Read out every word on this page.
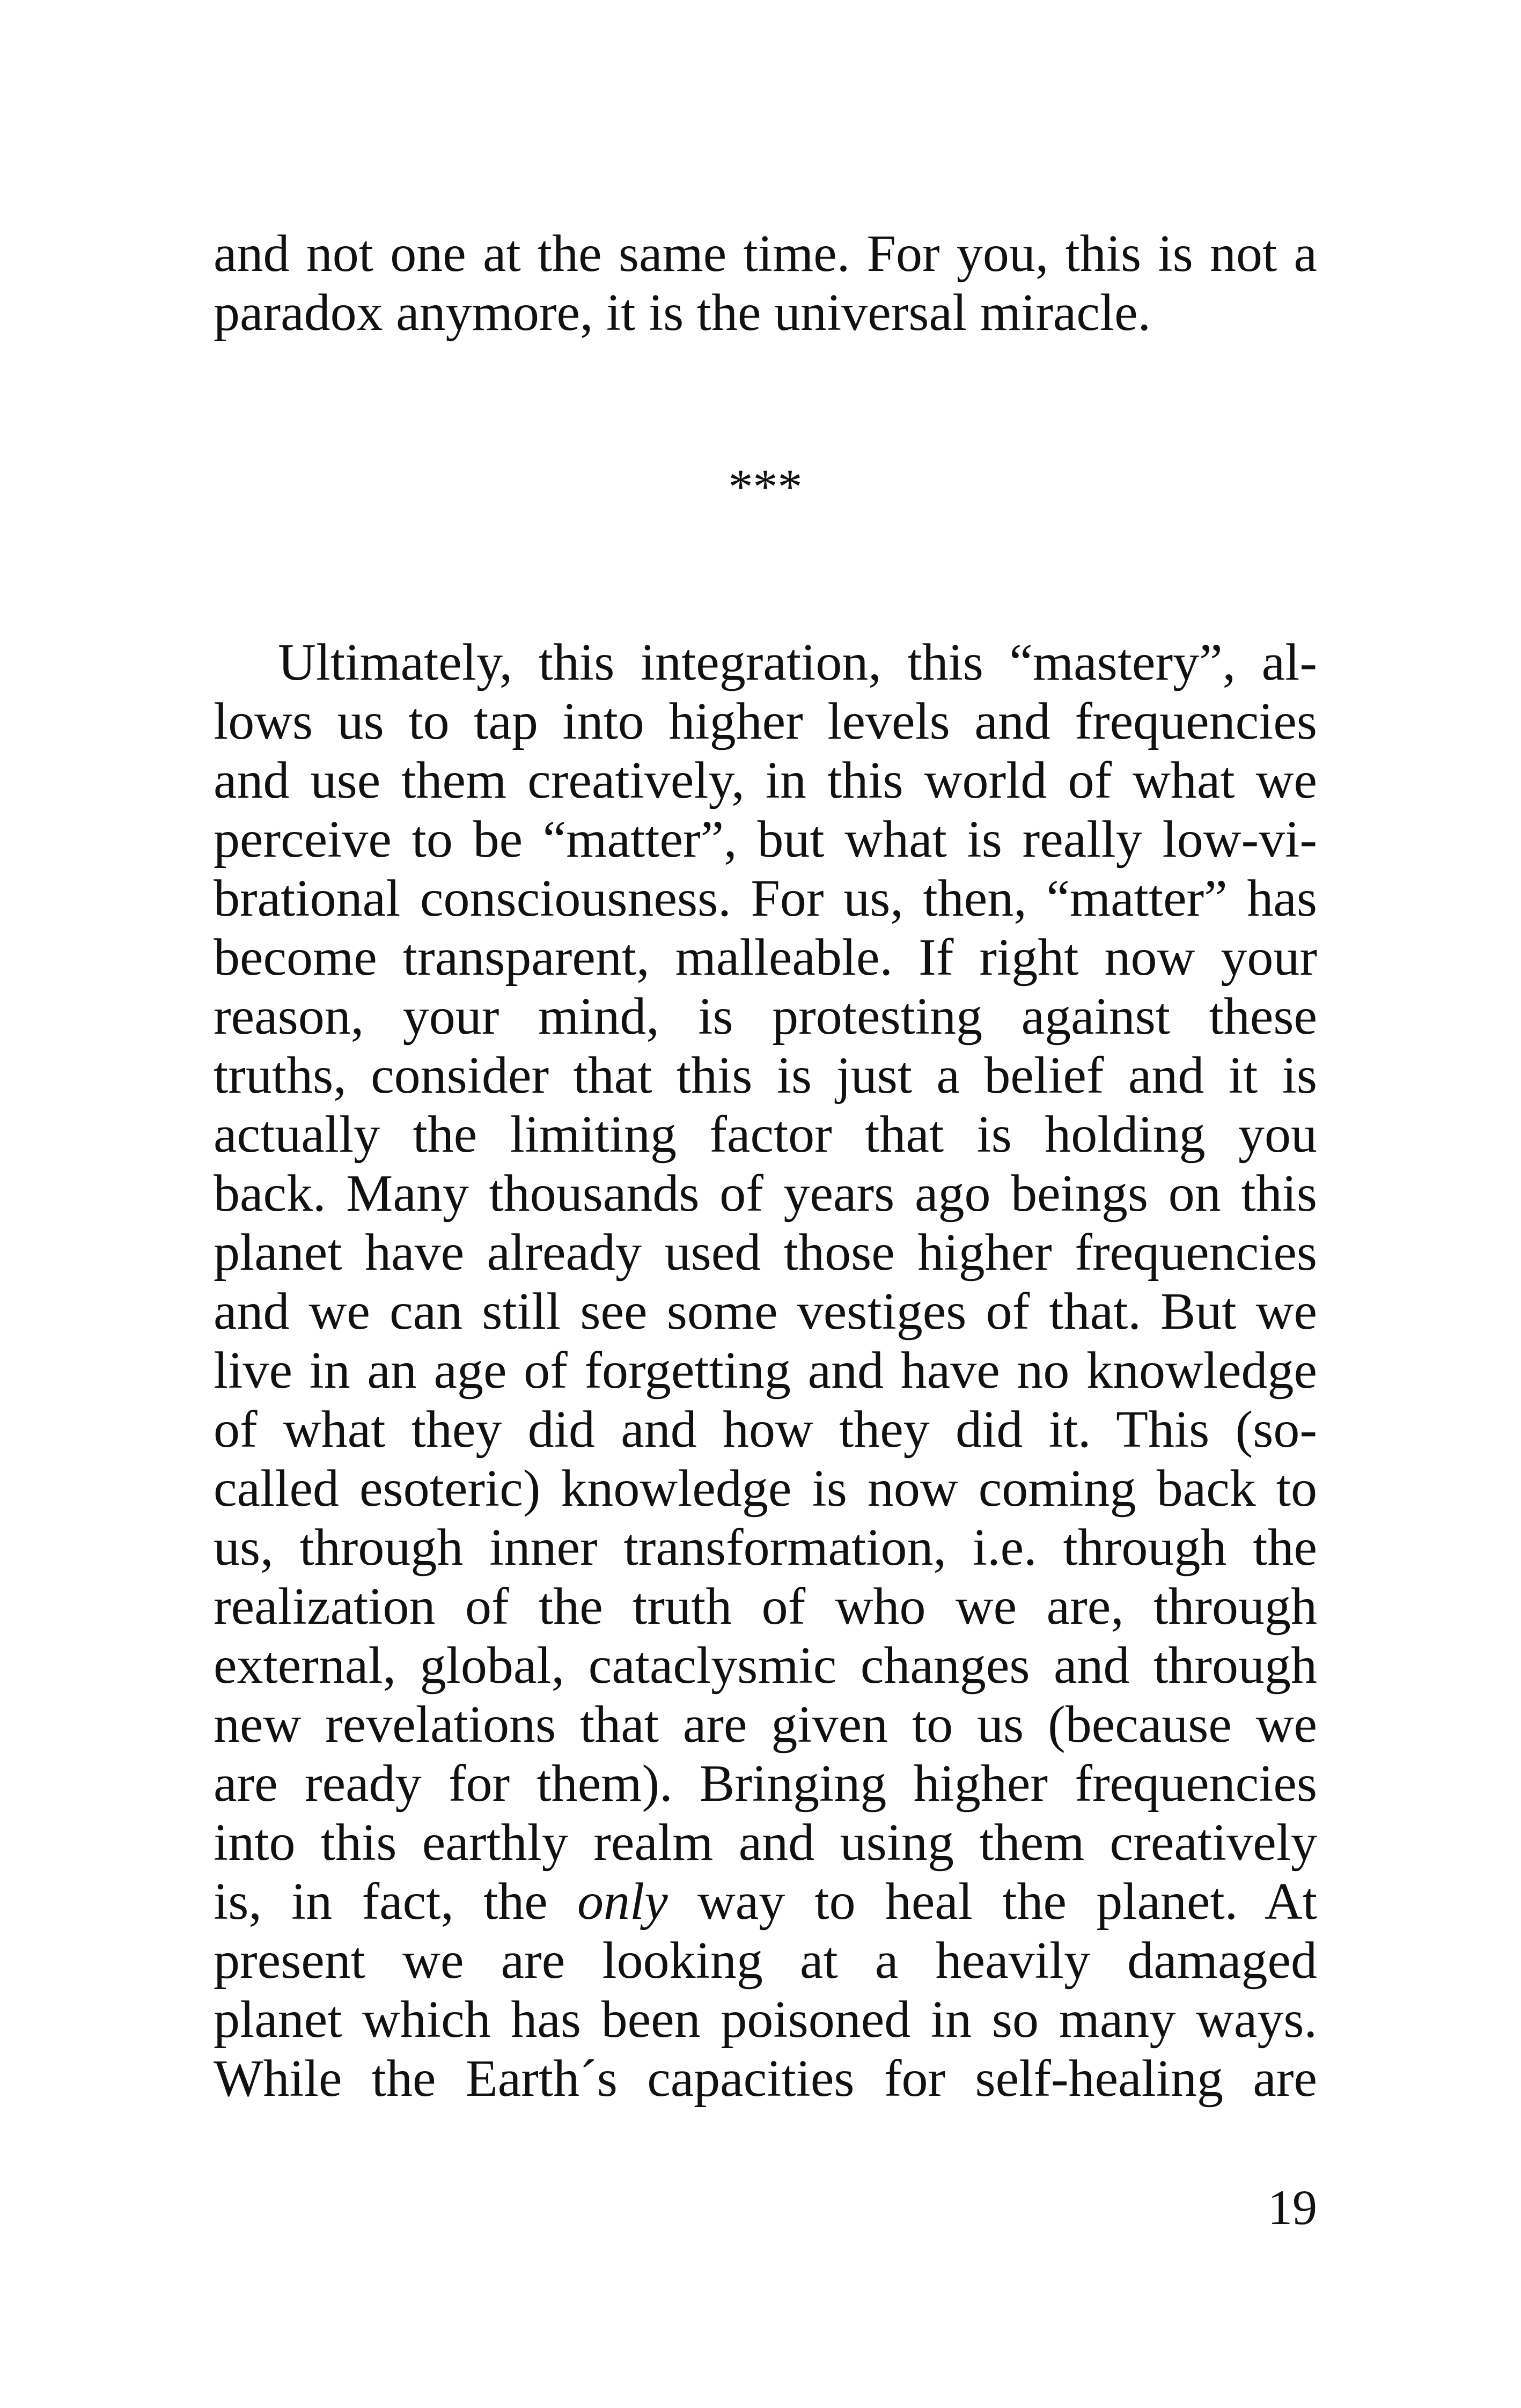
and not one at the same time. For you, this is not a
paradox anymore, it is the universal miracle.
***
Ultimately, this integration, this “mastery”, al-
lows us to tap into higher levels and frequencies
and use them creatively, in this world of what we
perceive to be “matter”, but what is really low-vi-
brational consciousness. For us, then, “matter” has
become transparent, malleable. If right now your
reason, your mind, is protesting against these
truths, consider that this is just a belief and it is
actually the limiting factor that is holding you
back. Many thousands of years ago beings on this
planet have already used those higher frequencies
and we can still see some vestiges of that. But we
live in an age of forgetting and have no knowledge
of what they did and how they did it. This (so-
called esoteric) knowledge is now coming back to
us, through inner transformation, i.e. through the
realization of the truth of who we are, through
external, global, cataclysmic changes and through
new revelations that are given to us (because we
are ready for them). Bringing higher frequencies
into this earthly realm and using them creatively
is, in fact, the only way to heal the planet. At
present we are looking at a heavily damaged
planet which has been poisoned in so many ways.
While the Earth´s capacities for self-healing are
19
